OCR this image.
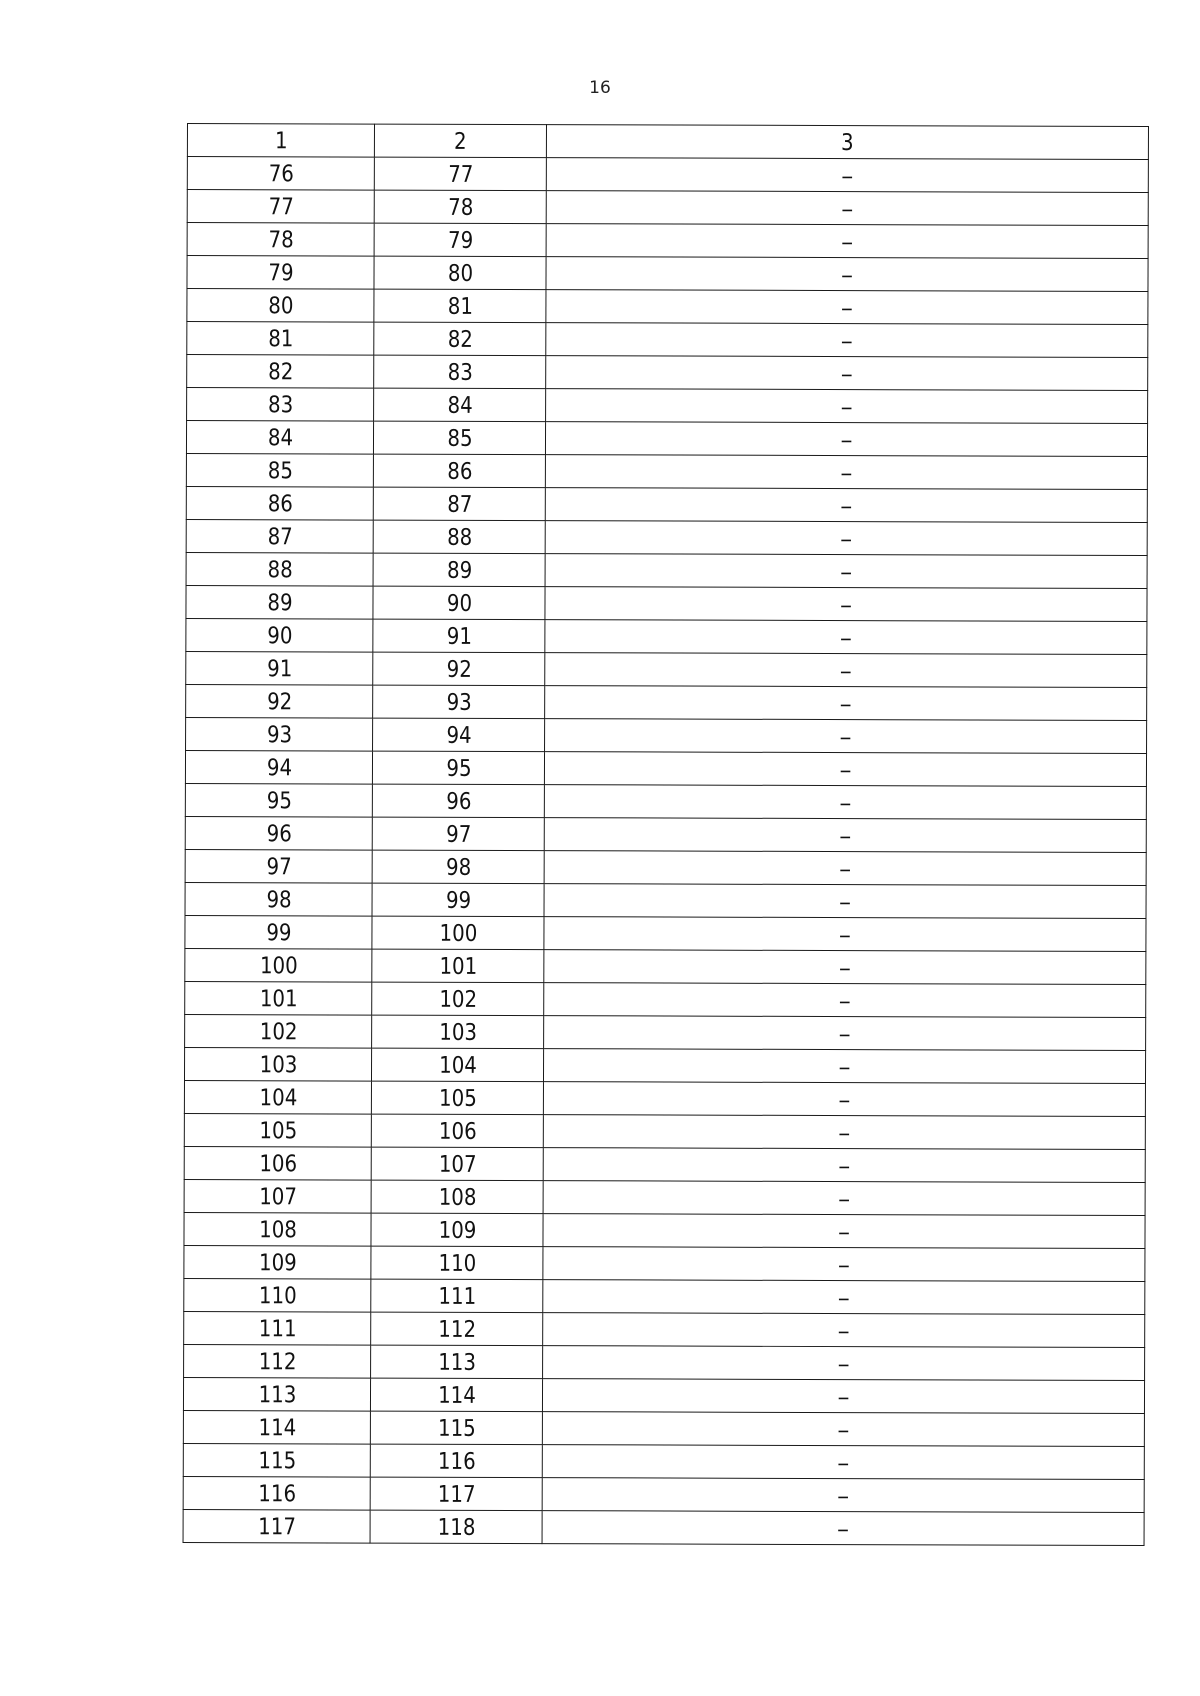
16
1	2	3
76	77	–
77	78	–
78	79	–
79	80	–
80	81	–
81	82	–
82	83	–
83	84	–
84	85	–
85	86	–
86	87	–
87	88	–
88	89	–
89	90	–
90	91	–
91	92	–
92	93	–
93	94	–
94	95	–
95	96	–
96	97	–
97	98	–
98	99	–
99	100	–
100	101	–
101	102	–
102	103	–
103	104	–
104	105	–
105	106	–
106	107	–
107	108	–
108	109	–
109	110	–
110	111	–
111	112	–
112	113	–
113	114	–
114	115	–
115	116	–
116	117	–
117	118	–
